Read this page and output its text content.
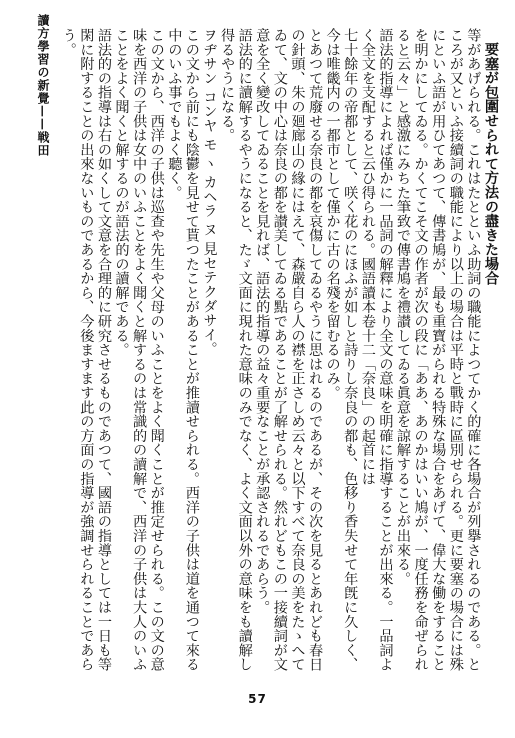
讀方學習の新覺——戦田	要塞が包圍せられて方法の盡きた場合

等があげられる。これはたとといふ助詞の職能によつてかく的確に各場合が列擧されるのである。ところが又といふ接續詞の職能により以上の場合は平時と戰時に區別せられる。更に要塞の場合には殊にといふ語が用ひてあつて、傳書鳩が、最も重寶がられる特殊な場合をあげて、偉大な働をすることを明かにしてゐる。かくてこそ文の作者が次の段に「ああ、あのかはいい鳩が、一度任務を命ぜられると云々」と感激にみちた筆致で傳書鳩を禮讃してゐる眞意を諒解することが出來る。

語法的指導によれば僅かに一品詞の解釋により全文の意味を明確に指導することが出來る。一品詞よく全文を支配すると云ひ得られる。國語讀本卷十二「奈良」の起首には

七十餘年の帝都として、咲く花のにほふが如しと詩りし奈良の都も、色移り香失せて年旣に久しく、今は唯畿内の一都市として僅かに古の名殘を留むるのみ。

とあつて荒廢せる奈良の都を哀傷してゐるやうに思はれるのであるが、その次を見るとあれども春日の針頭、朱の廻廊山の緣にはえて、森嚴自ら人の襟を正さしめ云々と以下すべて奈良の美をたゝへてゐて、文の中心は奈良の都を讃美してゐる點であることが了解せられる。然れどもこの一接續詞が文意を全く變改してゐることを見れば、語法的指導の益々重要なことが承認されるであらう。

語法的に讀解するやうになると、たゞ文面に現れた意味のみでなく、よく文面以外の意味をも讀解し得るやうになる。

ヲヂサン コンヤ モ ヽ カヘラ ヌ 見セテクダサイ。

この文から前にも陰鬱を見せて貰つたことがあることが推讀せられる。西洋の子供は道を通つて來る中のいふ事でもよく聽く。

この文から、西洋の子供は巡查や先生や父母のいふことをよく聞くことが推定せられる。この文の意味を西洋の子供は女中のいふことをよく聞くと解するのは常識的の讀解で、西洋の子供は大人のいふことをよく聞くと解するのが語法的の讀解である。

語法的の指導は右の如くして文意を合理的に研究させるものであつて、國語の指導としては一日も等閑に附することの出來ないものであるから、今後ますます此の方面の指導が強調せられることであらう。

57
